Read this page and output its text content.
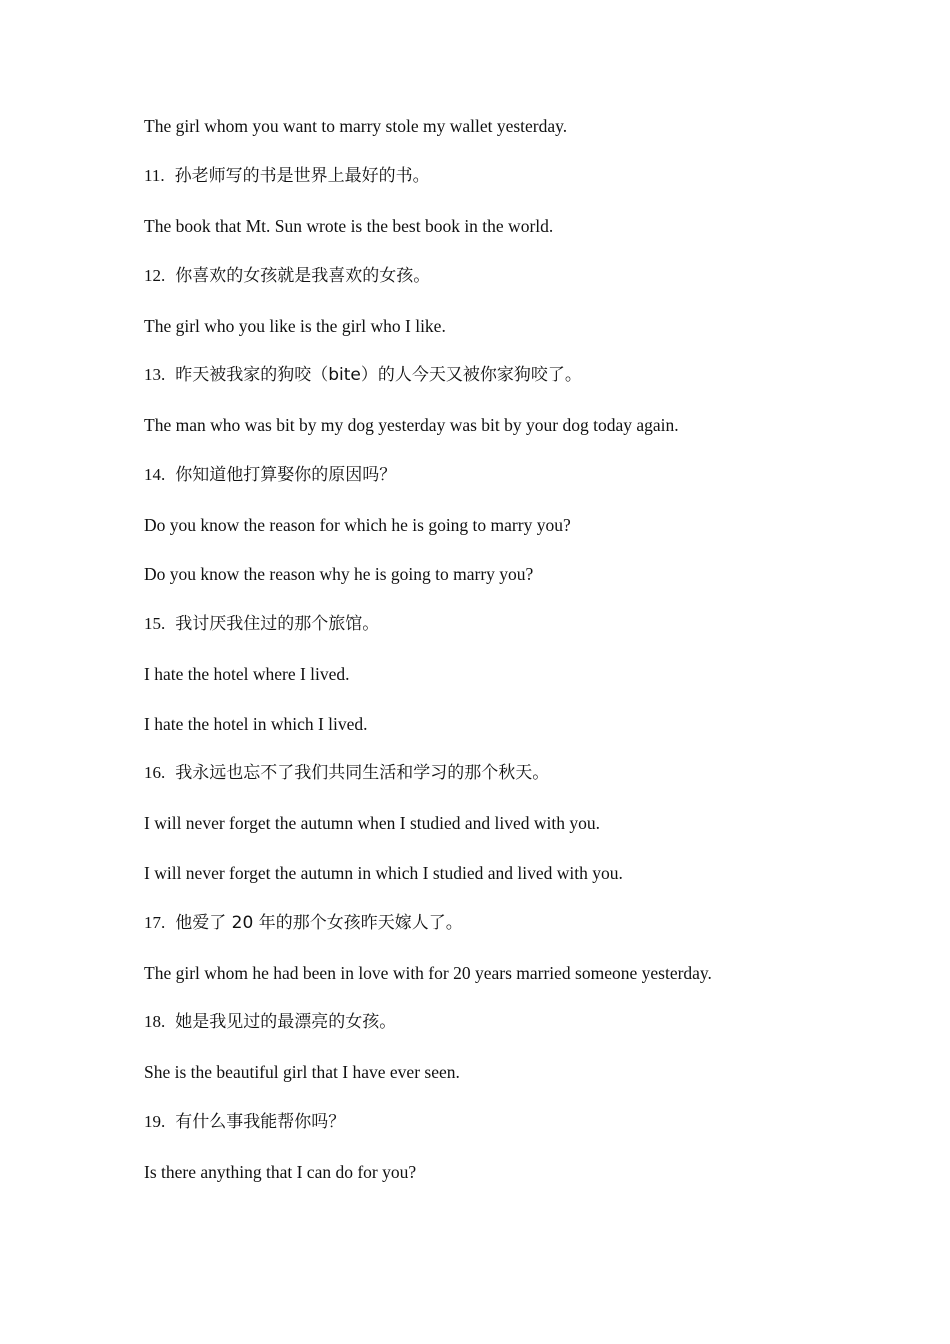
The girl whom you want to marry stole my wallet yesterday.
11. 孙老师写的书是世界上最好的书。
The book that Mt. Sun wrote is the best book in the world.
12. 你喜欢的女孩就是我喜欢的女孩。
The girl who you like is the girl who I like.
13. 昨天被我家的狗咬（bite）的人今天又被你家狗咬了。
The man who was bit by my dog yesterday was bit by your dog today again.
14. 你知道他打算娶你的原因吗？
Do you know the reason for which he is going to marry you?
Do you know the reason why he is going to marry you?
15. 我讨厌我住过的那个旅馆。
I hate the hotel where I lived.
I hate the hotel in which I lived.
16. 我永远也忘不了我们共同生活和学习的那个秋天。
I will never forget the autumn when I studied and lived with you.
I will never forget the autumn in which I studied and lived with you.
17. 他爱了 20 年的那个女孩昨天嫁人了。
The girl whom he had been in love with for 20 years married someone yesterday.
18. 她是我见过的最漂亮的女孩。
She is the beautiful girl that I have ever seen.
19. 有什么事我能帮你吗？
Is there anything that I can do for you?
